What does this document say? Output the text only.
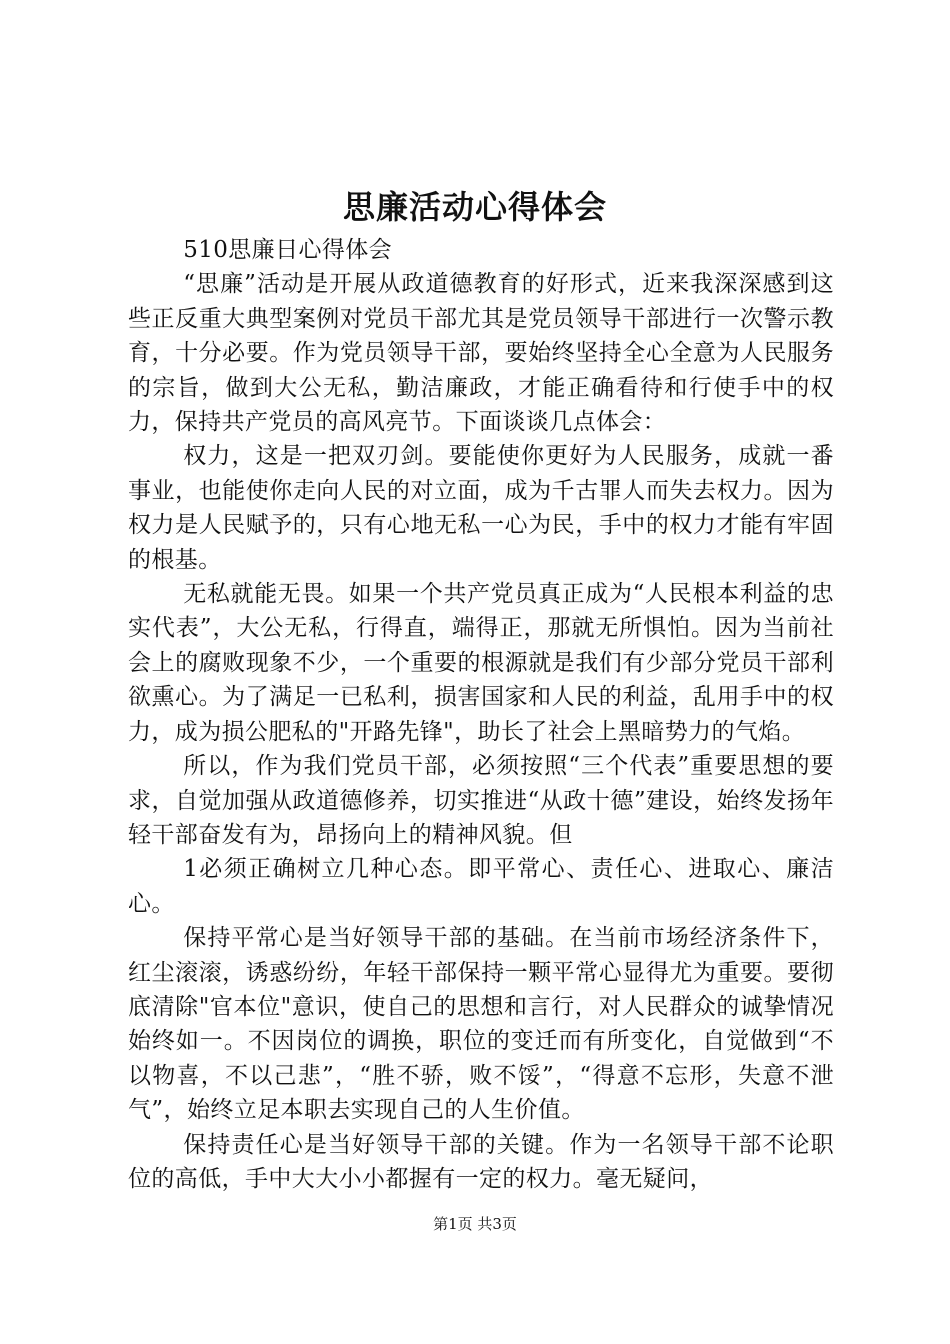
思廉活动心得体会

510思廉日心得体会

“思廉”活动是开展从政道德教育的好形式，近来我深深感到这些正反重大典型案例对党员干部尤其是党员领导干部进行一次警示教育，十分必要。作为党员领导干部，要始终坚持全心全意为人民服务的宗旨，做到大公无私，勤洁廉政，才能正确看待和行使手中的权力，保持共产党员的高风亮节。下面谈谈几点体会：

权力，这是一把双刃剑。要能使你更好为人民服务，成就一番事业，也能使你走向人民的对立面，成为千古罪人而失去权力。因为权力是人民赋予的，只有心地无私一心为民，手中的权力才能有牢固的根基。

无私就能无畏。如果一个共产党员真正成为“人民根本利益的忠实代表”，大公无私，行得直，端得正，那就无所惧怕。因为当前社会上的腐败现象不少，一个重要的根源就是我们有少部分党员干部利欲熏心。为了满足一已私利，损害国家和人民的利益，乱用手中的权力，成为损公肥私的"开路先锋"，助长了社会上黑暗势力的气焰。

所以，作为我们党员干部，必须按照“三个代表”重要思想的要求，自觉加强从政道德修养，切实推进“从政十德”建设，始终发扬年轻干部奋发有为，昂扬向上的精神风貌。但

1必须正确树立几种心态。即平常心、责任心、进取心、廉洁心。

保持平常心是当好领导干部的基础。在当前市场经济条件下，红尘滚滚，诱惑纷纷，年轻干部保持一颗平常心显得尤为重要。要彻底清除"官本位"意识，使自己的思想和言行，对人民群众的诚挚情况始终如一。不因岗位的调换，职位的变迁而有所变化，自觉做到“不以物喜，不以己悲”，“胜不骄，败不馁”，“得意不忘形，失意不泄气”，始终立足本职去实现自己的人生价值。

保持责任心是当好领导干部的关键。作为一名领导干部不论职位的高低，手中大大小小都握有一定的权力。毫无疑问，

第1页 共3页
